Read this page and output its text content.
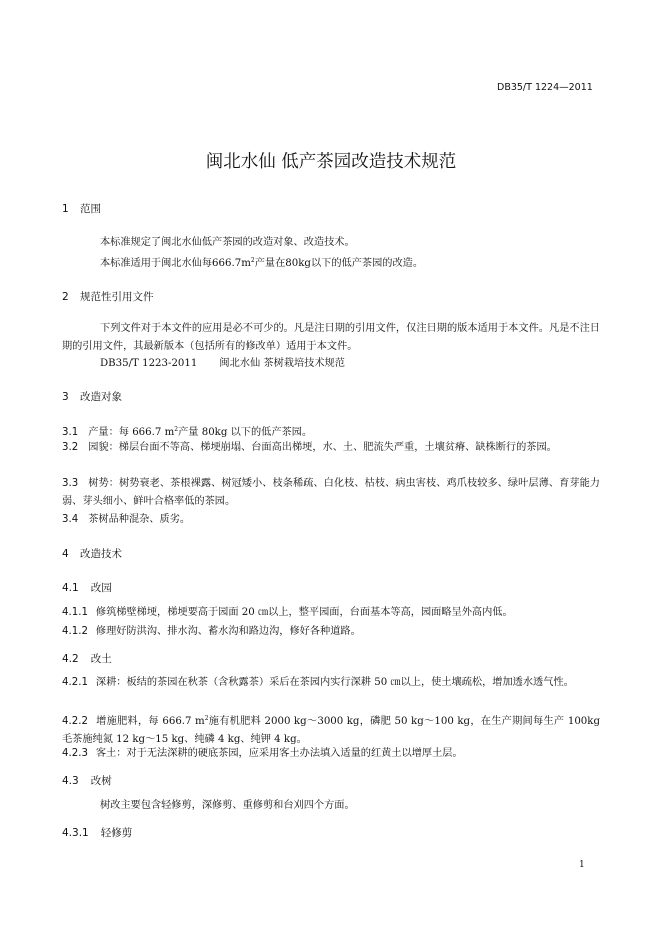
DB35/T 1224—2011
闽北水仙 低产茶园改造技术规范
1 范围
本标准规定了闽北水仙低产茶园的改造对象、改造技术。
本标准适用于闽北水仙每$666.7m^2$产量在80kg以下的低产茶园的改造。
2 规范性引用文件
下列文件对于本文件的应用是必不可少的。凡是注日期的引用文件，仅注日期的版本适用于本文件。凡是不注日期的引用文件，其最新版本（包括所有的修改单）适用于本文件。
DB35/T 1223-2011 闽北水仙 茶树栽培技术规范
3 改造对象
3.1 产量：每 666.7 $m^2$产量 80kg 以下的低产茶园。
3.2 园貌：梯层台面不等高、梯埂崩塌、台面高出梯埂，水、土、肥流失严重，土壤贫瘠、缺株断行的茶园。
3.3 树势：树势衰老、茶根裸露、树冠矮小、枝条稀疏、白化枝、枯枝、病虫害枝、鸡爪枝较多、绿叶层薄、育芽能力弱、芽头细小、鲜叶合格率低的茶园。
3.4 茶树品种混杂、质劣。
4 改造技术
4.1 改园
4.1.1 修筑梯壁梯埂，梯埂要高于园面 20 ㎝以上，整平园面，台面基本等高，园面略呈外高内低。
4.1.2 修理好防洪沟、排水沟、蓄水沟和路边沟，修好各种道路。
4.2 改土
4.2.1 深耕：板结的茶园在秋茶（含秋露茶）采后在茶园内实行深耕 50 ㎝以上，使土壤疏松，增加透水透气性。
4.2.2 增施肥料，每 666.7 $m^2$施有机肥料 2000 kg～3000 kg，磷肥 50 kg～100 kg，在生产期间每生产 100kg 毛茶施纯氮 12 kg～15 kg、纯磷 4 kg、纯钾 4 kg。
4.2.3 客土：对于无法深耕的硬底茶园，应采用客土办法填入适量的红黄土以增厚土层。
4.3 改树
树改主要包含轻修剪，深修剪、重修剪和台刈四个方面。
4.3.1 轻修剪
1
